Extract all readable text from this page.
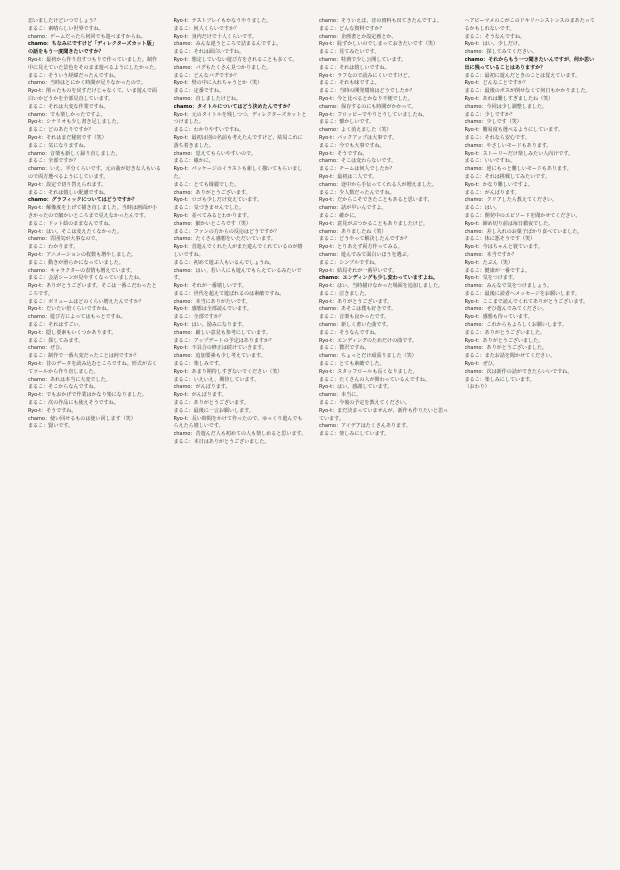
思いましたけどいつでしょう？
まるこ：素晴らしい世界ですね。
chamo：ゲームだったら何回でも遊べますからね。

chamo：ちなみにですけど「ディレクターズカット版」の話をもう一度聞きたいですか？

Ryo-t：最初から作り直すつもりで作っていました。制作中に見えていた景色をそのまま遊べるようにしたかった。
まるこ：そういう経緯だったんですね。
chamo：当時はとにかく時間が足りなかったので。
Ryo-t：削ったものを戻すだけじゃなくて、いま遊んで面白いかどうかを全部見直しています。
まるこ：それは大変な作業ですね。
chamo：でも楽しかったですよ。
Ryo-t：シナリオも少し書き足しました。
まるこ：どのあたりですか？
Ryo-t：それはまだ秘密です（笑）
まるこ：気になりますね。
chamo：音楽も新しく録り直しました。
まるこ：全部ですか？
chamo：いえ、半分くらいです。元の曲が好きな人もいるので両方選べるようにしています。
Ryo-t：設定で切り替えられます。
まるこ：それは嬉しい配慮ですね。

chamo：グラフィックについてはどうですか？

Ryo-t：解像度を上げて描き直しました。当時は画面が小さかったので細かいところまで見えなかったんです。
まるこ：ドット絵のままなんですね。
Ryo-t：はい。そこは変えたくなかった。
chamo：雰囲気が大事なので。
まるこ：わかります。
Ryo-t：アニメーションの枚数も増やしました。
まるこ：動きが滑らかになっていました。
chamo：キャラクターの表情も増えています。
まるこ：会話シーンが見やすくなっていましたね。
Ryo-t：ありがとうございます。そこは一番こだわったところです。
まるこ：ボリュームはどのくらい増えたんですか？
Ryo-t：だいたい倍くらいですかね。
chamo：遊び方によってはもっとですね。
まるこ：それはすごい。
Ryo-t：隠し要素もいくつかあります。
まるこ：探してみます。
chamo：ぜひ。

まるこ：制作で一番大変だったことは何ですか？

Ryo-t：昔のデータを読み込むところですね。形式が古くてツールから作り直しました。
chamo：あれは本当に大変でした。
まるこ：そこからなんですね。
Ryo-t：でもおかげで作業はかなり楽になりました。
まるこ：次の作品にも使えそうですね。
Ryo-t：そうですね。
chamo：使い回せるものは使い回します（笑）
まるこ：賢いです。

Ryo-t：テストプレイもかなりやりました。
まるこ：何人くらいですか？
Ryo-t：身内だけで十人くらいです。
chamo：みんな違うところで詰まるんですよ。
まるこ：それは面白いですね。
Ryo-t：想定していない遊び方をされることも多くて。
chamo：バグもたくさん見つかりました。
まるこ：どんなバグですか？
Ryo-t：壁の中に入れちゃうとか（笑）
まるこ：定番ですね。
chamo：直しましたけどね。

chamo：タイトルについてはどう決めたんですか？

Ryo-t：元のタイトルを残しつつ、ディレクターズカットとつけました。
まるこ：わかりやすいですね。
Ryo-t：最初は別の名前も考えたんですけど、結局これに落ち着きました。
chamo：覚えてもらいやすいので。
まるこ：確かに。
Ryo-t：パッケージのイラストも新しく描いてもらいました。
まるこ：とても綺麗でした。
chamo：ありがとうございます。
Ryo-t：ロゴも少しだけ変えています。
まるこ：気づきませんでした。
Ryo-t：並べてみるとわかります。
chamo：細かいところです（笑）

まるこ：ファンの方からの反応はどうですか？

chamo：たくさん感想をいただいています。
Ryo-t：昔遊んでくれた人がまた遊んでくれているのが嬉しいですね。
まるこ：初めて遊ぶ人もいるんでしょうね。
chamo：はい。若い人にも遊んでもらえているみたいです。
Ryo-t：それが一番嬉しいです。
まるこ：世代を超えて遊ばれるのは素敵ですね。
chamo：本当にありがたいです。
Ryo-t：感想は全部読んでいます。
まるこ：全部ですか？
Ryo-t：はい。励みになります。
chamo：厳しい意見も参考にしています。
まるこ：アップデートの予定はありますか？
Ryo-t：不具合の修正は続けていきます。
chamo：追加要素も少し考えています。
まるこ：楽しみです。
Ryo-t：あまり期待しすぎないでください（笑）
まるこ：いえいえ、期待しています。
chamo：がんばります。
Ryo-t：がんばります。
まるこ：ありがとうございます。

まるこ：最後に一言お願いします。

Ryo-t：長い時間をかけて作ったので、ゆっくり遊んでもらえたら嬉しいです。
chamo：昔遊んだ人も初めての人も楽しめると思います。
まるこ：本日はありがとうございました。

chamo：そういえば、昔の資料も出てきたんですよ。
まるこ：どんな資料ですか？
chamo：企画書とか設定画とか。
Ryo-t：恥ずかしいのでしまっておきたいです（笑）
まるこ：見てみたいです。
chamo：特典で少し公開しています。
まるこ：それは嬉しいですね。
Ryo-t：ラフなので読みにくいですけど。
まるこ：それも味ですよ。

まるこ：当時の開発環境はどうでしたか？

Ryo-t：今と比べるとかなり不便でした。
chamo：保存するのにも時間がかかって。
Ryo-t：フロッピーでやりとりしていましたね。
まるこ：懐かしいです。
chamo：よく消えました（笑）
Ryo-t：バックアップは大事です。
まるこ：今でも大事ですね。
Ryo-t：そうですね。
chamo：そこは変わらないです。
まるこ：チームは何人でしたか？
Ryo-t：最初は二人です。
chamo：途中から手伝ってくれる人が増えました。
まるこ：少人数だったんですね。
Ryo-t：だからこそできたこともあると思います。
chamo：話が早いんですよ。
まるこ：確かに。
Ryo-t：意見がぶつかることもありましたけど。
chamo：ありましたね（笑）
まるこ：どうやって解決したんですか？
Ryo-t：とりあえず両方作ってみる。
chamo：遊んでみて面白いほうを選ぶ。
まるこ：シンプルですね。
Ryo-t：結局それが一番早いです。

chamo：エンディングも少し変わっていますよね。

Ryo-t：はい。当時描けなかった場面を追加しました。
まるこ：泣きました。
Ryo-t：ありがとうございます。
chamo：あそこは僕も好きです。
まるこ：音楽も良かったです。
chamo：新しく書いた曲です。
まるこ：そうなんですね。
Ryo-t：エンディングのためだけの曲です。
まるこ：贅沢ですね。
chamo：ちょっとだけ頑張りました（笑）
まるこ：とても素敵でした。
Ryo-t：スタッフロールも長くなりました。
まるこ：たくさんの人が関わっているんですね。
Ryo-t：はい。感謝しています。
chamo：本当に。

まるこ：今後の予定を教えてください。

Ryo-t：まだ決まっていませんが、新作も作りたいと思っています。
chamo：アイデアはたくさんあります。
まるこ：楽しみにしています。

ヘアピーマメのこがこのドキリハンストンスのまあたってるかもしれないです。
まるこ：そうなんですね。
Ryo-t：はい。少しだけ。
chamo：探してみてください。

chamo：それからもう一つ聞きたいんですが、何か思い出に残っていることはありますか？

まるこ：最初に遊んだときのことは覚えています。
Ryo-t：どんなことですか？
まるこ：最後のボスが倒せなくて何日もかかりました。
Ryo-t：あれは難しすぎましたね（笑）
chamo：今回は少し調整しました。
まるこ：少しですか？
chamo：少しです（笑）
Ryo-t：難易度も選べるようにしています。
まるこ：それなら安心です。
chamo：やさしいモードもあります。
Ryo-t：ストーリーだけ楽しみたい人向けです。
まるこ：いいですね。
chamo：逆にもっと難しいモードもあります。
まるこ：それは挑戦してみたいです。
Ryo-t：かなり難しいですよ。
まるこ：がんばります。
chamo：クリアしたら教えてください。
まるこ：はい。

まるこ：開発中のエピソードを聞かせてください。

Ryo-t：締め切り前は毎日徹夜でした。
chamo：差し入れのお菓子ばかり食べていました。
まるこ：体に悪そうです（笑）
Ryo-t：今はちゃんと寝ています。
chamo：本当ですか？
Ryo-t：たぶん（笑）
まるこ：健康が一番ですよ。
Ryo-t：気をつけます。
chamo：みんなで気をつけましょう。
まるこ：最後に読者へメッセージをお願いします。
Ryo-t：ここまで読んでくれてありがとうございます。
chamo：ぜひ遊んでみてください。
Ryo-t：感想も待っています。
chamo：これからもよろしくお願いします。
まるこ：ありがとうございました。
Ryo-t：ありがとうございました。
chamo：ありがとうございました。
まるこ：またお話を聞かせてください。
Ryo-t：ぜひ。
chamo：次は新作の話ができたらいいですね。
まるこ：楽しみにしています。

（おわり）
